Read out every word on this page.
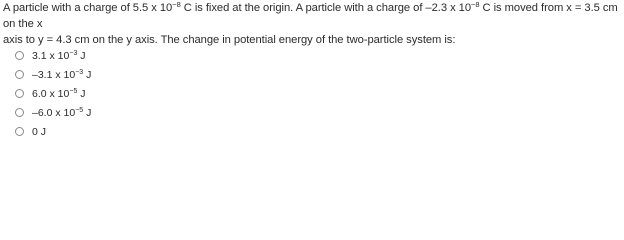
A particle with a charge of 5.5 x $10^{-8}$ C is fixed at the origin. A particle with a charge of –2.3 x $10^{-8}$ C is moved from x = 3.5 cm on the x
axis to y = 4.3 cm on the y axis. The change in potential energy of the two-particle system is:
3.1 x $10^{-3}$ J
–3.1 x $10^{-3}$ J
6.0 x $10^{-5}$ J
–6.0 x $10^{-5}$ J
0 J
